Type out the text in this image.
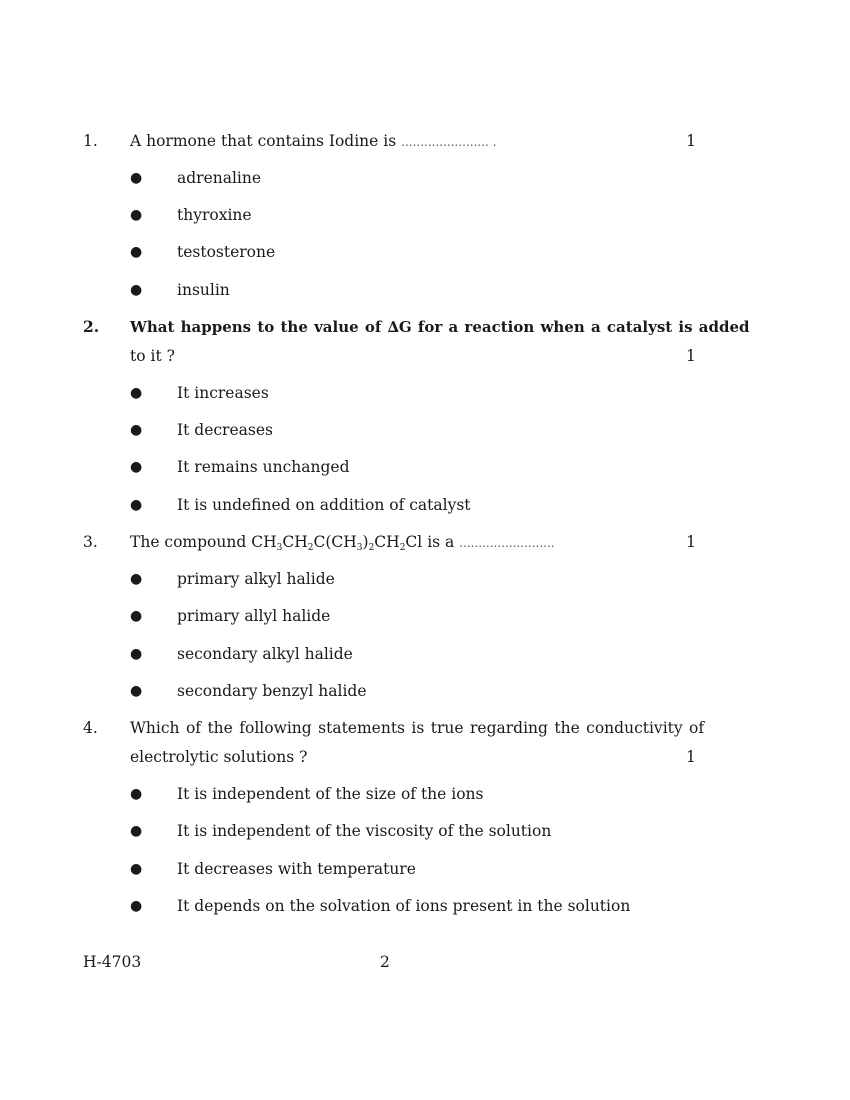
1. A hormone that contains Iodine is ....................... .	1
● adrenaline
● thyroxine
● testosterone
● insulin
2. What happens to the value of ∆G for a reaction when a catalyst is added
to it ?	1
● It increases
● It decreases
● It remains unchanged
● It is undefined on addition of catalyst
3. The compound $CH_3CH_2C(CH_3)_2CH_2Cl$ is a .........................	1
● primary alkyl halide
● primary allyl halide
● secondary alkyl halide
● secondary benzyl halide
4. Which of the following statements is true regarding the conductivity of
electrolytic solutions ?	1
● It is independent of the size of the ions
● It is independent of the viscosity of the solution
● It decreases with temperature
● It depends on the solvation of ions present in the solution
H-4703	2
